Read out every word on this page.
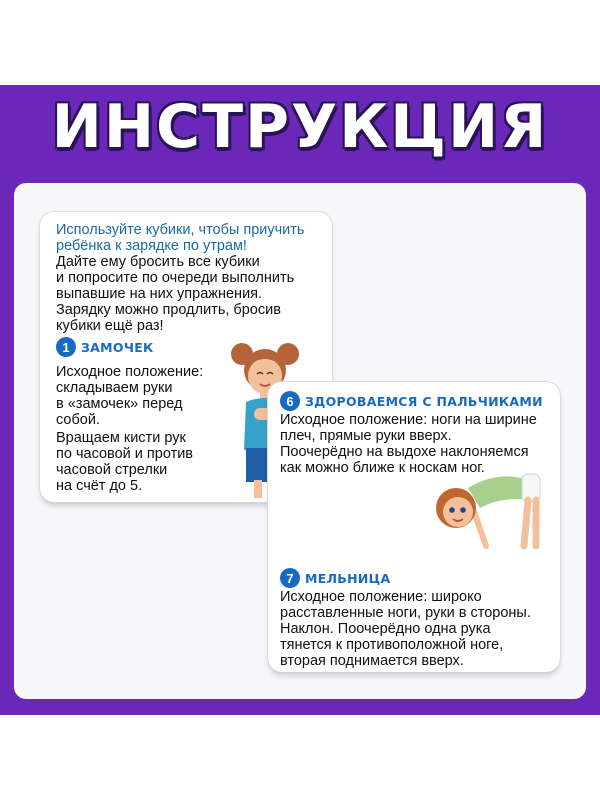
ИНСТРУКЦИЯ
Используйте кубики, чтобы приучить
ребёнка к зарядке по утрам!
Дайте ему бросить все кубики
и попросите по очереди выполнить
выпавшие на них упражнения.
Зарядку можно продлить, бросив
кубики ещё раз!
1 ЗАМОЧЕК
Исходное положение:
складываем руки
в «замочек» перед
собой.
Вращаем кисти рук
по часовой и против
часовой стрелки
на счёт до 5.
6 ЗДОРОВАЕМСЯ С ПАЛЬЧИКАМИ
Исходное положение: ноги на ширине
плеч, прямые руки вверх.
Поочерёдно на выдохе наклоняемся
как можно ближе к носкам ног.
7 МЕЛЬНИЦА
Исходное положение: широко
расставленные ноги, руки в стороны.
Наклон. Поочерёдно одна рука
тянется к противоположной ноге,
вторая поднимается вверх.
